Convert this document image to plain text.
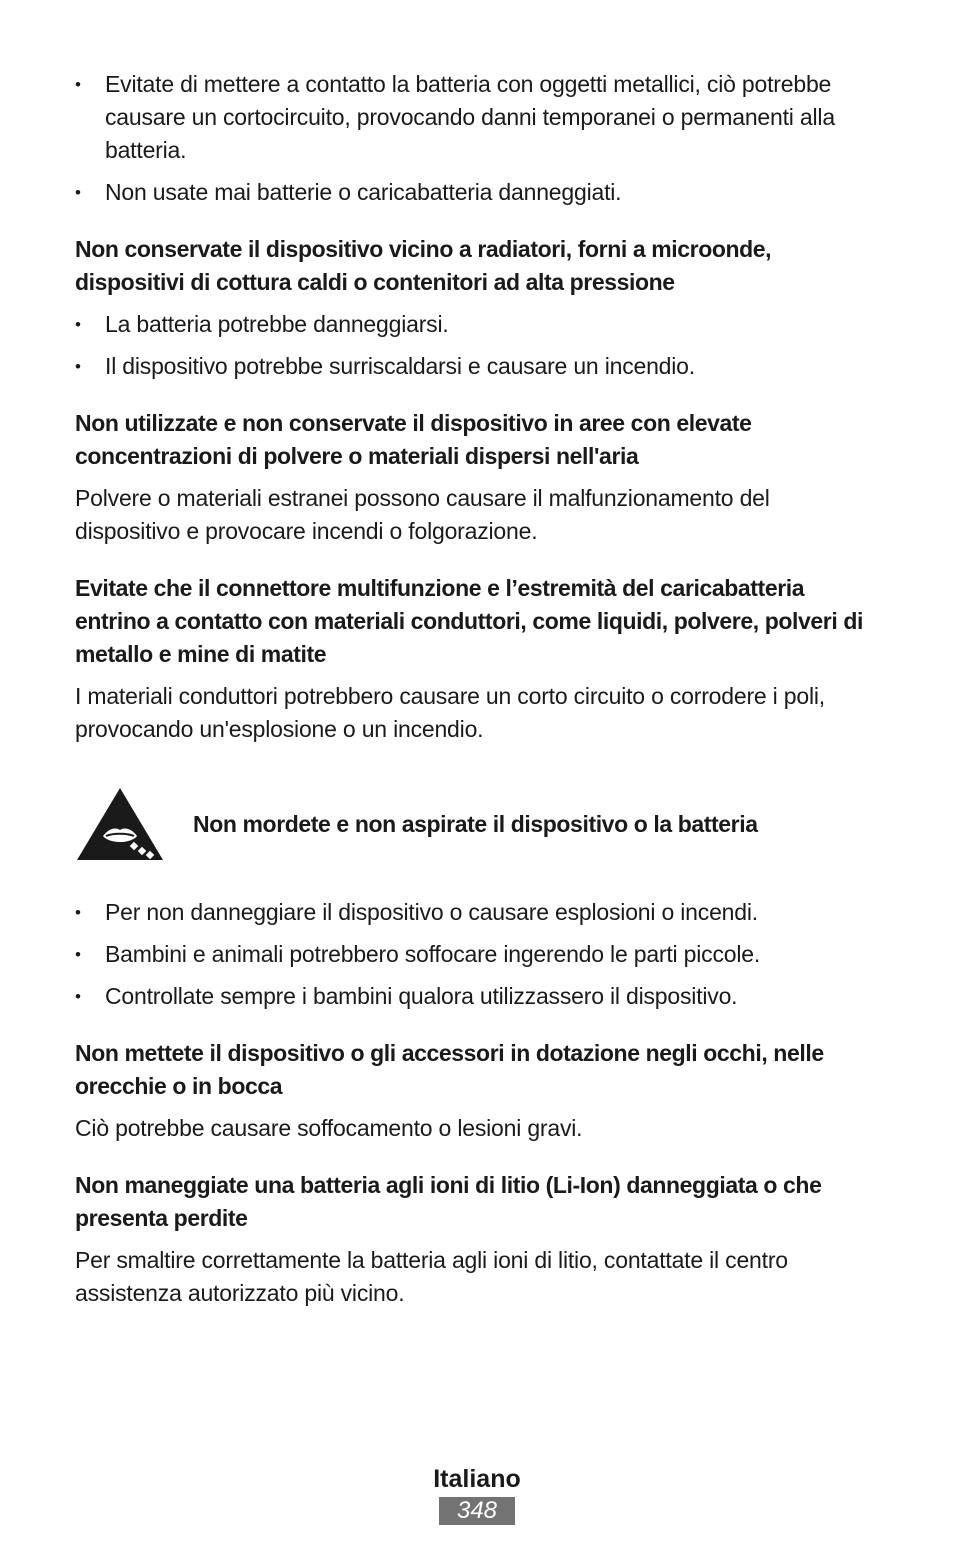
• Evitate di mettere a contatto la batteria con oggetti metallici, ciò potrebbe causare un cortocircuito, provocando danni temporanei o permanenti alla batteria.
• Non usate mai batterie o caricabatteria danneggiati.
Non conservate il dispositivo vicino a radiatori, forni a microonde, dispositivi di cottura caldi o contenitori ad alta pressione
• La batteria potrebbe danneggiarsi.
• Il dispositivo potrebbe surriscaldarsi e causare un incendio.
Non utilizzate e non conservate il dispositivo in aree con elevate concentrazioni di polvere o materiali dispersi nell'aria

Polvere o materiali estranei possono causare il malfunzionamento del dispositivo e provocare incendi o folgorazione.

Evitate che il connettore multifunzione e l’estremità del caricabatteria entrino a contatto con materiali conduttori, come liquidi, polvere, polveri di metallo e mine di matite

I materiali conduttori potrebbero causare un corto circuito o corrodere i poli, provocando un'esplosione o un incendio.

Non mordete e non aspirate il dispositivo o la batteria
• Per non danneggiare il dispositivo o causare esplosioni o incendi.
• Bambini e animali potrebbero soffocare ingerendo le parti piccole.
• Controllate sempre i bambini qualora utilizzassero il dispositivo.
Non mettete il dispositivo o gli accessori in dotazione negli occhi, nelle orecchie o in bocca

Ciò potrebbe causare soffocamento o lesioni gravi.

Non maneggiate una batteria agli ioni di litio (Li-Ion) danneggiata o che presenta perdite

Per smaltire correttamente la batteria agli ioni di litio, contattate il centro assistenza autorizzato più vicino.

Italiano
348
